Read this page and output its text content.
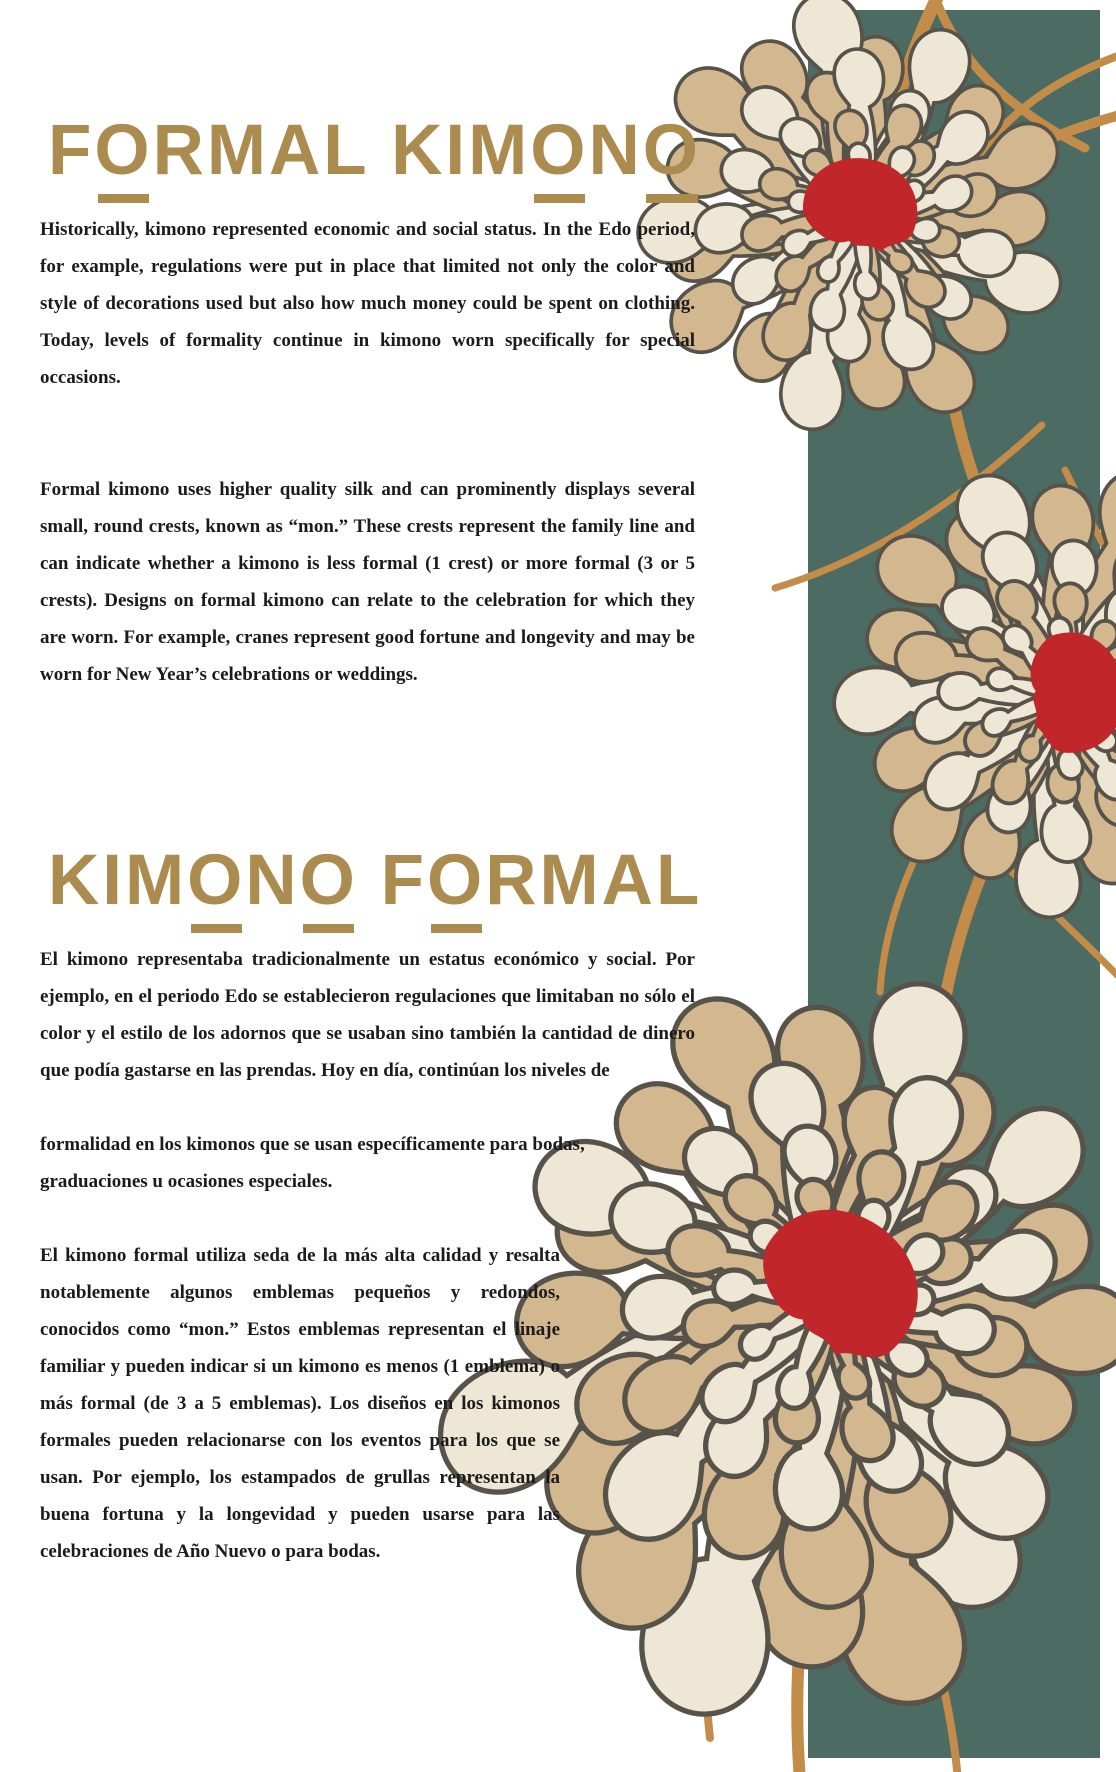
FORMAL KIMONO

Historically, kimono represented economic and social status. In the Edo period, for example, regulations were put in place that limited not only the color and style of decorations used but also how much money could be spent on clothing. Today, levels of formality continue in kimono worn specifically for special occasions.

Formal kimono uses higher quality silk and can prominently displays several small, round crests, known as “mon.” These crests represent the family line and can indicate whether a kimono is less formal (1 crest) or more formal (3 or 5 crests). Designs on formal kimono can relate to the celebration for which they are worn. For example, cranes represent good fortune and longevity and may be worn for New Year’s celebrations or weddings.

KIMONO FORMAL

El kimono representaba tradicionalmente un estatus económico y social. Por ejemplo, en el periodo Edo se establecieron regulaciones que limitaban no sólo el color y el estilo de los adornos que se usaban sino también la cantidad de dinero que podía gastarse en las prendas. Hoy en día, continúan los niveles de

formalidad en los kimonos que se usan específicamente para bodas, graduaciones u ocasiones especiales.

El kimono formal utiliza seda de la más alta calidad y resalta notablemente algunos emblemas pequeños y redondos, conocidos como “mon.” Estos emblemas representan el linaje familiar y pueden indicar si un kimono es menos (1 emblema) o más formal (de 3 a 5 emblemas). Los diseños en los kimonos formales pueden relacionarse con los eventos para los que se usan. Por ejemplo, los estampados de grullas representan la buena fortuna y la longevidad y pueden usarse para las celebraciones de Año Nuevo o para bodas.
